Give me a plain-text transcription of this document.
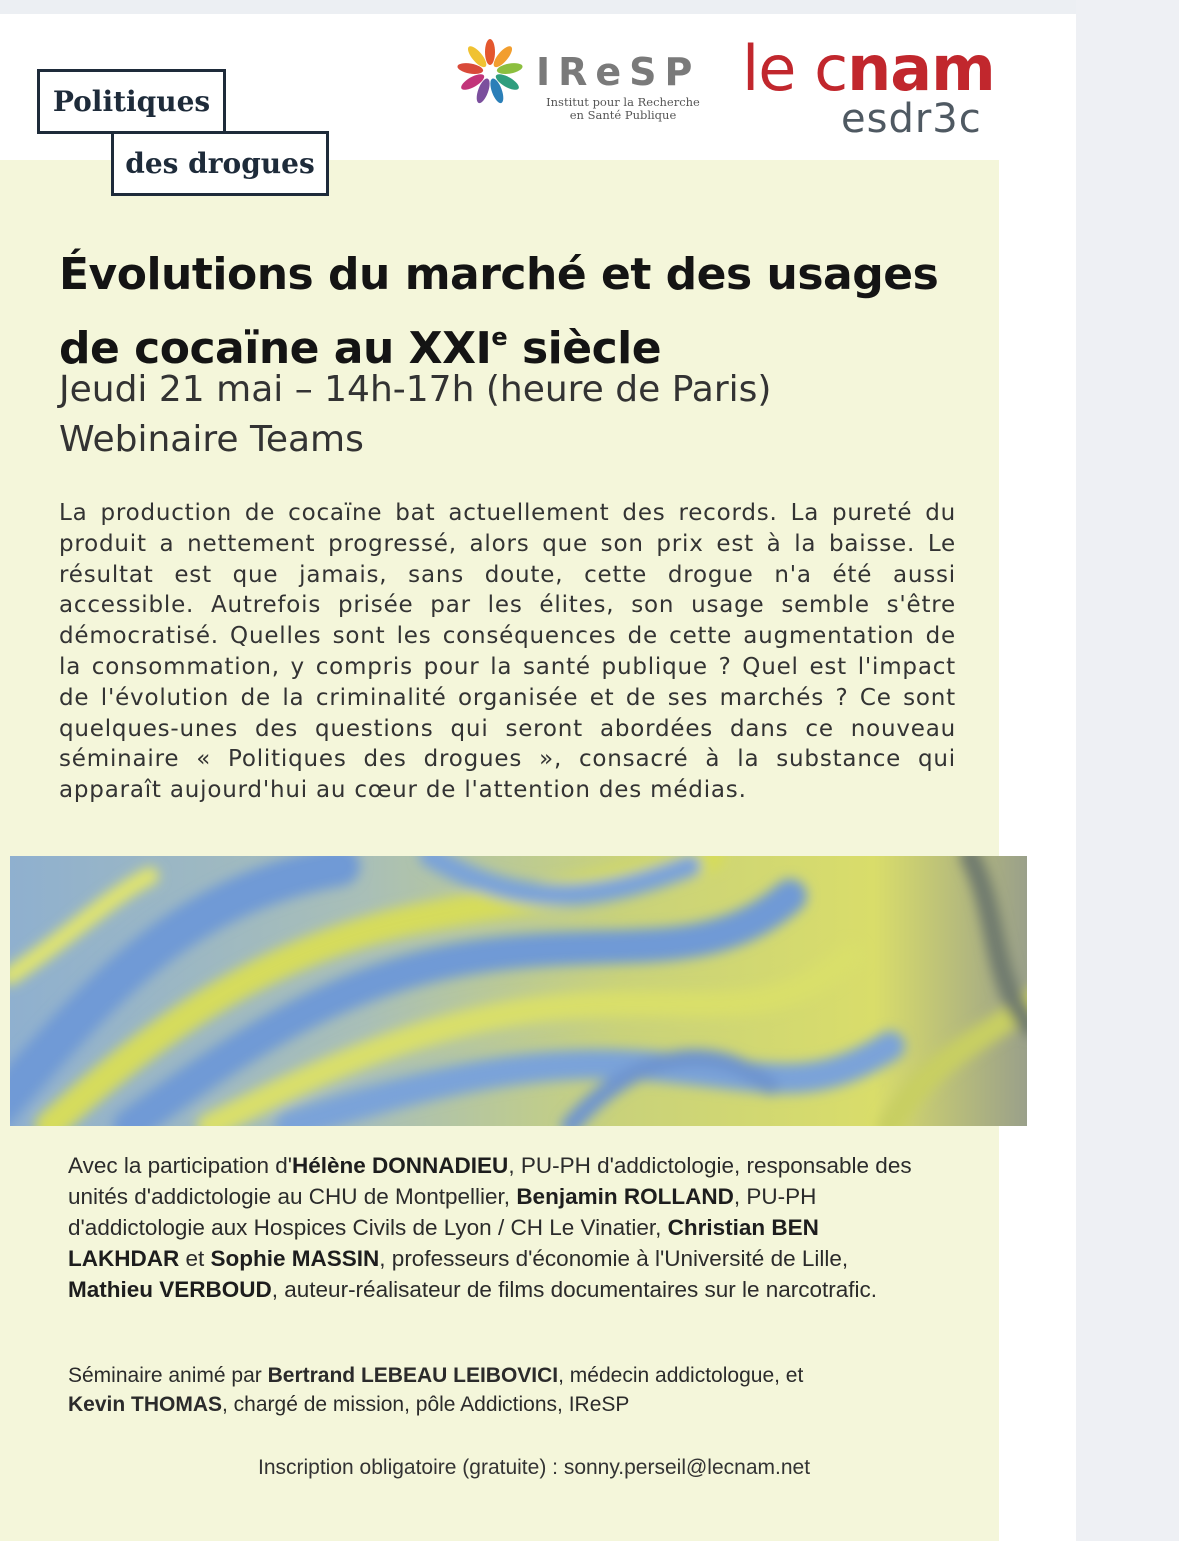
Politiques
des drogues
IReSP
Institut pour la Recherche
en Santé Publique
le cnam
esdr3c
Évolutions du marché et des usages
de cocaïne au XXIe siècle
Jeudi 21 mai – 14h-17h (heure de Paris)
Webinaire Teams
La production de cocaïne bat actuellement des records. La pureté du produit a nettement progressé, alors que son prix est à la baisse. Le résultat est que jamais, sans doute, cette drogue n'a été aussi accessible. Autrefois prisée par les élites, son usage semble s'être démocratisé. Quelles sont les conséquences de cette augmentation de la consommation, y compris pour la santé publique ? Quel est l'impact de l'évolution de la criminalité organisée et de ses marchés ? Ce sont quelques-unes des questions qui seront abordées dans ce nouveau séminaire « Politiques des drogues », consacré à la substance qui apparaît aujourd'hui au cœur de l'attention des médias.
Avec la participation d'Hélène DONNADIEU, PU-PH d'addictologie, responsable des unités d'addictologie au CHU de Montpellier, Benjamin ROLLAND, PU-PH d'addictologie aux Hospices Civils de Lyon / CH Le Vinatier, Christian BEN LAKHDAR et Sophie MASSIN, professeurs d'économie à l'Université de Lille, Mathieu VERBOUD, auteur-réalisateur de films documentaires sur le narcotrafic.
Séminaire animé par Bertrand LEBEAU LEIBOVICI, médecin addictologue, et
Kevin THOMAS, chargé de mission, pôle Addictions, IReSP
Inscription obligatoire (gratuite) : sonny.perseil@lecnam.net
